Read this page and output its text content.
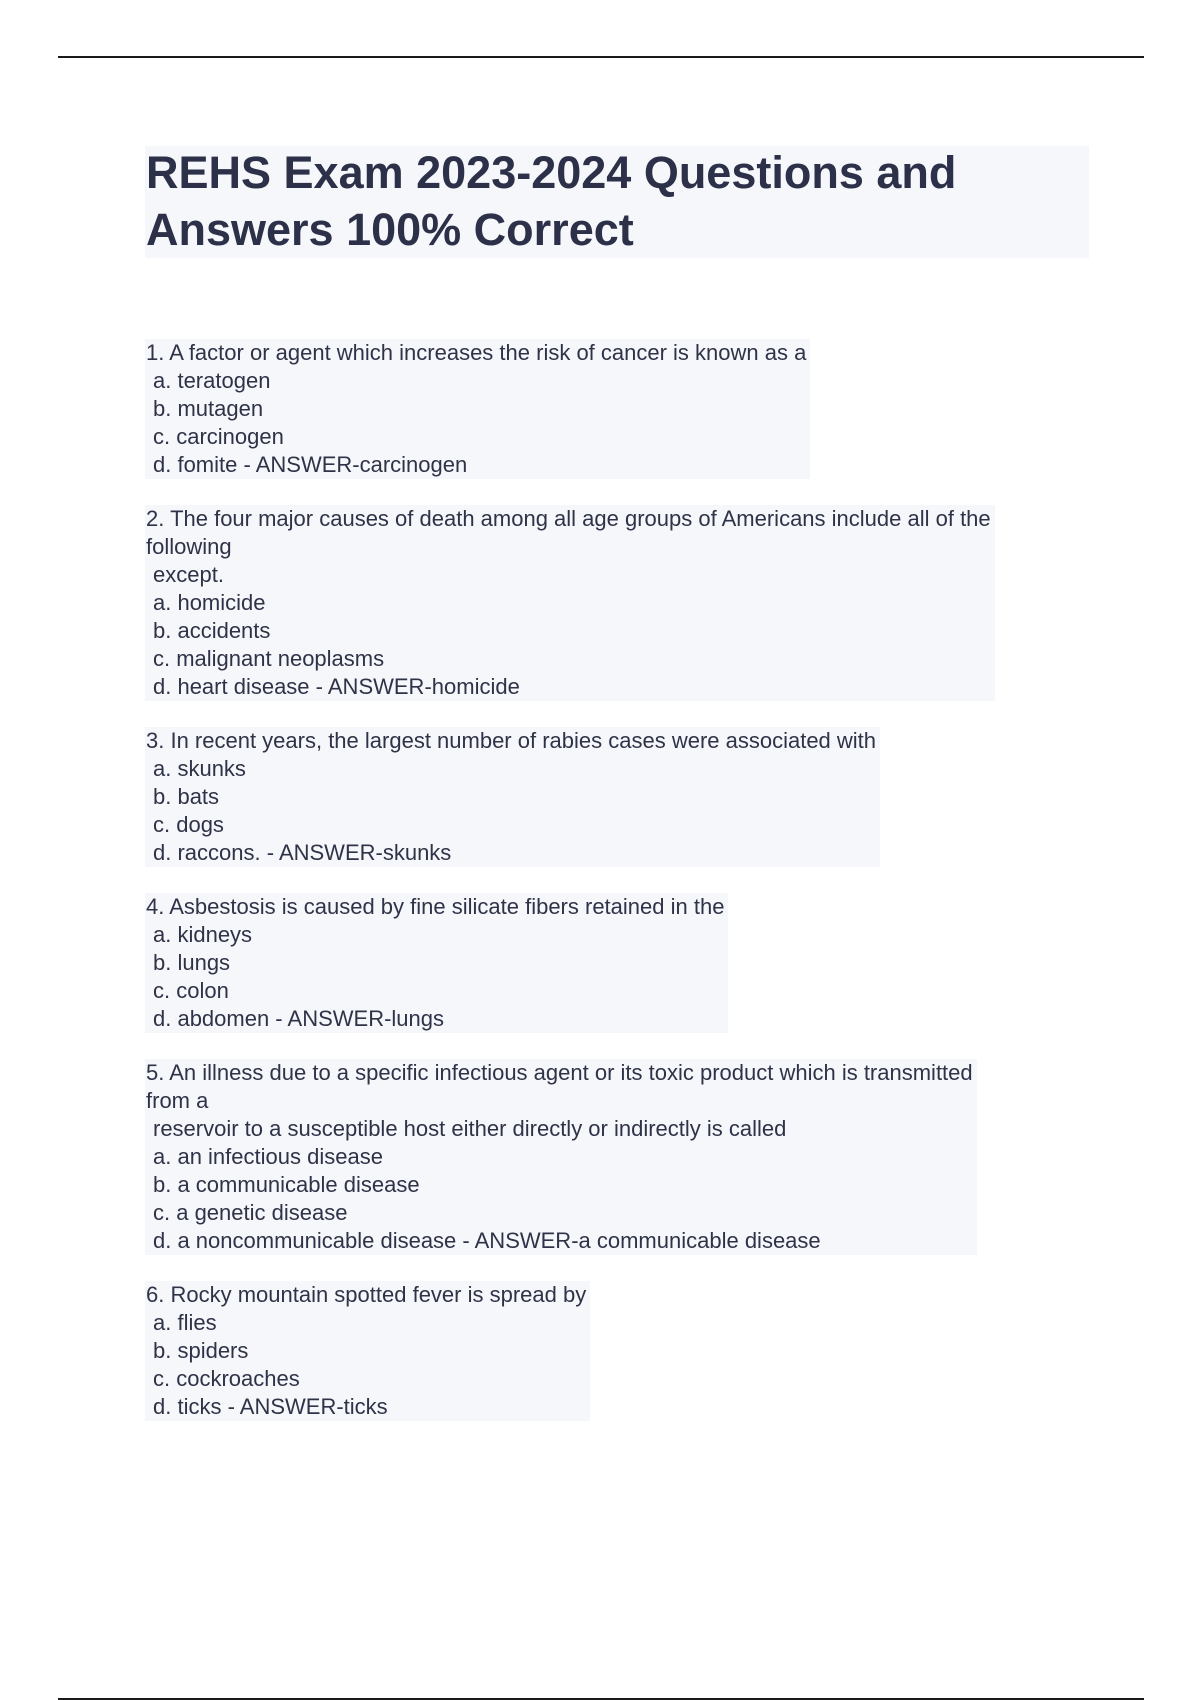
REHS Exam 2023-2024 Questions and
Answers 100% Correct
1. A factor or agent which increases the risk of cancer is known as a
a. teratogen
b. mutagen
c. carcinogen
d. fomite - ANSWER-carcinogen

2. The four major causes of death among all age groups of Americans include all of the
following
except.
a. homicide
b. accidents
c. malignant neoplasms
d. heart disease - ANSWER-homicide

3. In recent years, the largest number of rabies cases were associated with
a. skunks
b. bats
c. dogs
d. raccons. - ANSWER-skunks

4. Asbestosis is caused by fine silicate fibers retained in the
a. kidneys
b. lungs
c. colon
d. abdomen - ANSWER-lungs

5. An illness due to a specific infectious agent or its toxic product which is transmitted
from a
reservoir to a susceptible host either directly or indirectly is called
a. an infectious disease
b. a communicable disease
c. a genetic disease
d. a noncommunicable disease - ANSWER-a communicable disease

6. Rocky mountain spotted fever is spread by
a. flies
b. spiders
c. cockroaches
d. ticks - ANSWER-ticks
